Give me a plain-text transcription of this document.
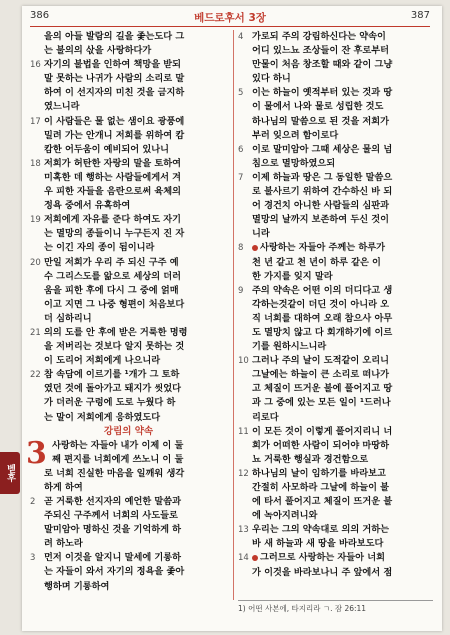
386	베드로후서 3장	387
을의 아들 발람의 길을 좇는도다 그
는 불의의 삯을 사랑하다가
16 자기의 불법을 인하여 책망을 받되
말 못하는 나귀가 사람의 소리로 말
하여 이 선지자의 미친 것을 금지하
였느니라
17 이 사람들은 물 없는 샘이요 광풍에
밀려 가는 안개니 저희를 위하여 캄
캄한 어두움이 예비되어 있나니
18 저희가 허탄한 자랑의 말을 토하여
미혹한 데 행하는 사람들에게서 겨
우 피한 자들을 음란으로써 육체의
정욕 중에서 유혹하여
19 저희에게 자유를 준다 하여도 자기
는 멸망의 종들이니 누구든지 진 자
는 이긴 자의 종이 됨이니라
20 만일 저희가 우리 주 되신 구주 예
수 그리스도를 앎으로 세상의 더러
움을 피한 후에 다시 그 중에 얽매
이고 지면 그 나중 형편이 처음보다
더 심하리니
21 의의 도를 안 후에 받은 거룩한 명령
을 저버리는 것보다 알지 못하는 것
이 도리어 저희에게 나으니라
22 참 속담에 이르기를 ¹개가 그 토하
였던 것에 돌아가고 돼지가 씻었다
가 더러운 구렁에 도로 누웠다 하
는 말이 저희에게 응하였도다
강림의 약속
3 사랑하는 자들아 내가 이제 이 둘
째 편지를 너희에게 쓰노니 이 둘
로 너희 진실한 마음을 일깨워 생각
하게 하여
2 곧 거룩한 선지자의 예언한 말씀과
주되신 구주께서 너희의 사도들로
말미암아 명하신 것을 기억하게 하
려 하노라
3 먼저 이것을 알지니 말세에 기롱하
는 자들이 와서 자기의 정욕을 좇아
행하며 기롱하여
4 가로되 주의 강림하신다는 약속이
어디 있느뇨 조상들이 잔 후로부터
만물이 처음 창조할 때와 같이 그냥
있다 하니
5 이는 하늘이 옛적부터 있는 것과 땅
이 물에서 나와 물로 성립한 것도
하나님의 말씀으로 된 것을 저희가
부러 잊으려 함이로다
6 이로 말미암아 그때 세상은 물의 넘
침으로 멸망하였으되
7 이제 하늘과 땅은 그 동일한 말씀으
로 불사르기 위하여 간수하신 바 되
어 경건치 아니한 사람들의 심판과
멸망의 날까지 보존하여 두신 것이
니라
8	사랑하는 자들아 주께는 하루가
천 년 같고 천 년이 하루 같은 이
한 가지를 잊지 말라
9 주의 약속은 어떤 이의 더디다고 생
각하는것같이 더딘 것이 아니라 오
직 너희를 대하여 오래 참으사 아무
도 멸망치 않고 다 회개하기에 이르
기를 원하시느니라
10 그러나 주의 날이 도적같이 오리니
그날에는 하늘이 큰 소리로 떠나가
고 체질이 뜨거운 불에 풀어지고 땅
과 그 중에 있는 모든 일이 ¹드러나
리로다
11 이 모든 것이 이렇게 풀어지리니 너
희가 어떠한 사람이 되어야 마땅하
뇨 거룩한 행실과 경건함으로
12 하나님의 날이 임하기를 바라보고
간절히 사모하라 그날에 하늘이 불
에 타서 풀어지고 체질이 뜨거운 불
에 녹아지려니와
13 우리는 그의 약속대로 의의 거하는
바 새 하늘과 새 땅을 바라보도다
14	그러므로 사랑하는 자들아 너희
가 이것을 바라보나니 주 앞에서 점
1) 어떤 사본에, 타지리라 ㄱ. 잠 26:11
벧후
